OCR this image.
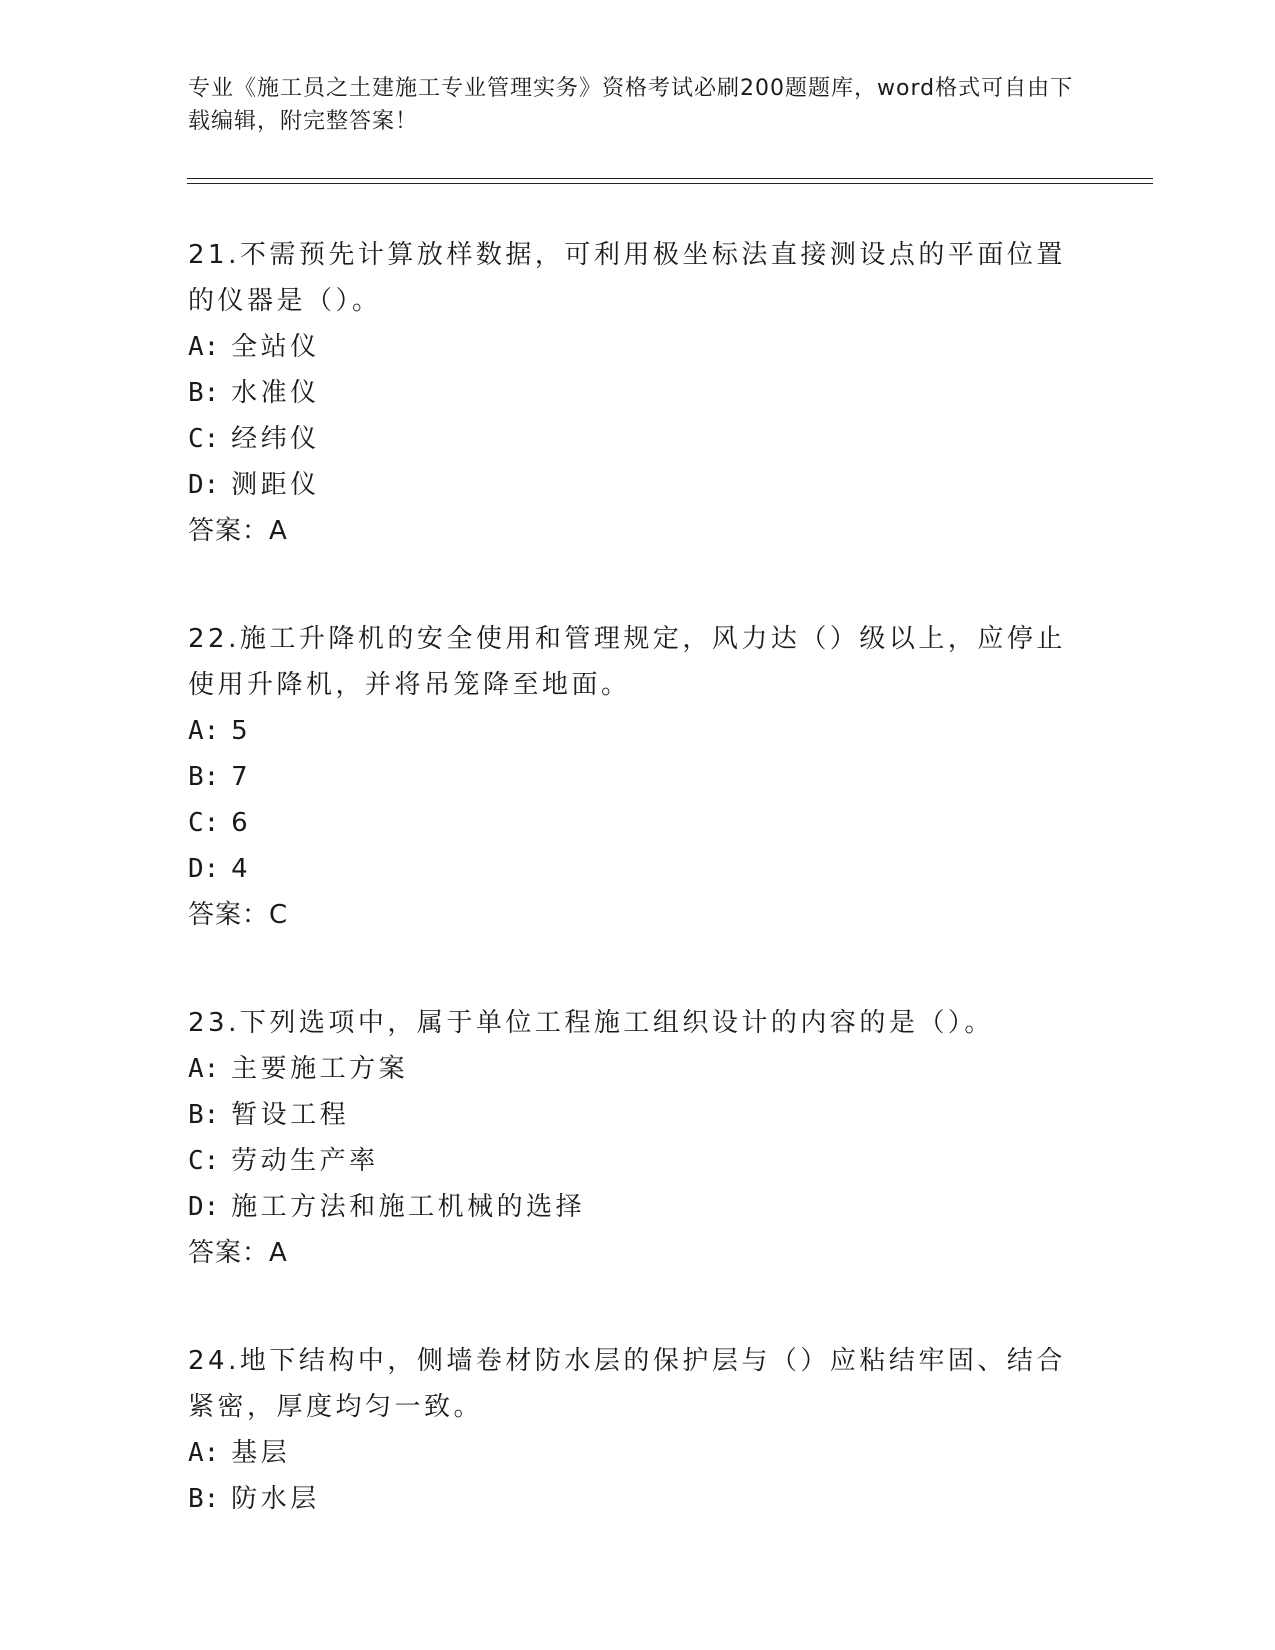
专业《施工员之土建施工专业管理实务》资格考试必刷200题题库，word格式可自由下载编辑，附完整答案！

21.不需预先计算放样数据，可利用极坐标法直接测设点的平面位置的仪器是（）。

A: 全站仪

B: 水准仪

C: 经纬仪

D: 测距仪

答案：A

22.施工升降机的安全使用和管理规定，风力达（）级以上，应停止使用升降机，并将吊笼降至地面。

A: 5

B: 7

C: 6

D: 4

答案：C

23.下列选项中，属于单位工程施工组织设计的内容的是（）。

A: 主要施工方案

B: 暂设工程

C: 劳动生产率

D: 施工方法和施工机械的选择

答案：A

24.地下结构中，侧墙卷材防水层的保护层与（）应粘结牢固、结合紧密，厚度均匀一致。

A: 基层

B: 防水层
